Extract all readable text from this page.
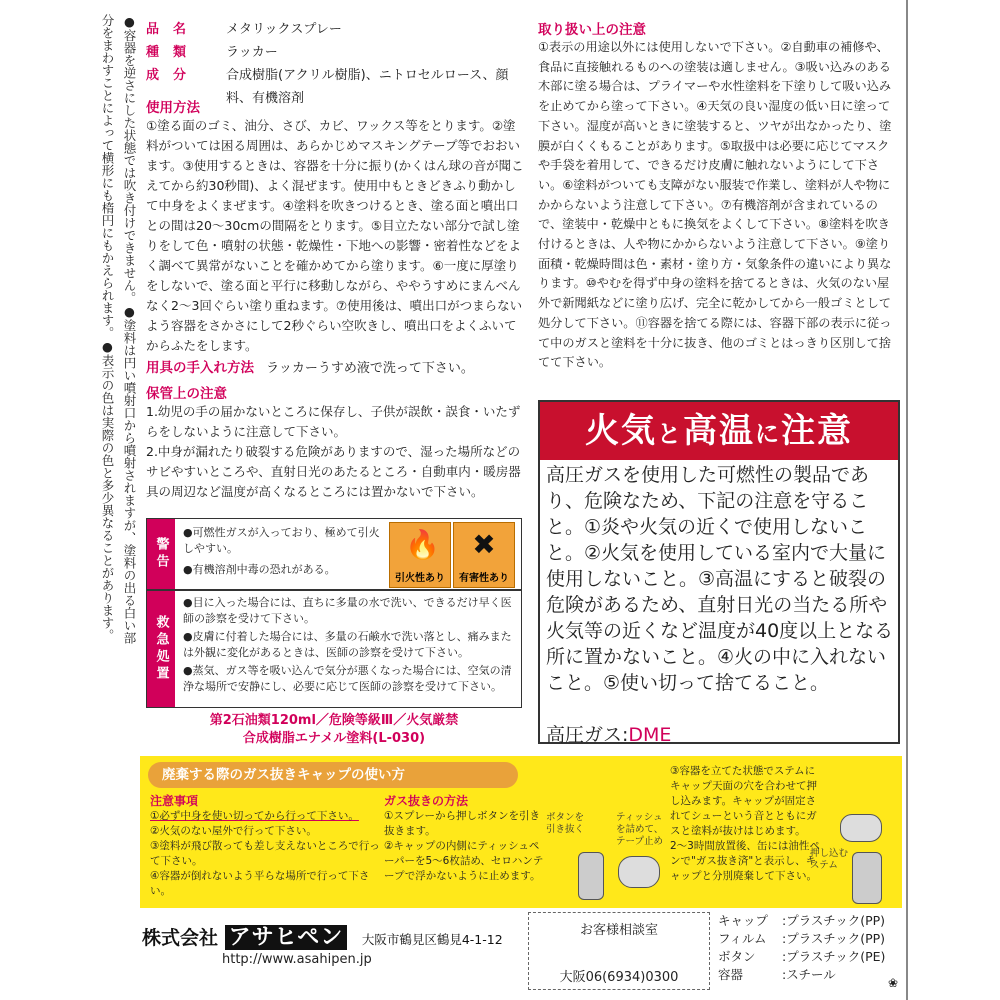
●容器を逆さにした状態では吹き付けできません。●塗料は円い噴射口から噴射されますが、塗料の出る白い部分をまわすことによって横形にも楕円にもかえられます。●表示の色は実際の色と多少異なることがあります。	品名	メタリックスプレー
種類	ラッカー
成分	合成樹脂(アクリル樹脂)、ニトロセルロース、顔料、有機溶剤
使用方法
①塗る面のゴミ、油分、さび、カビ、ワックス等をとります。②塗料がついては困る周囲は、あらかじめマスキングテープ等でおおいます。③使用するときは、容器を十分に振り(かくはん球の音が聞こえてから約30秒間)、よく混ぜます。使用中もときどきふり動かして中身をよくまぜます。④塗料を吹きつけるとき、塗る面と噴出口との間は20〜30cmの間隔をとります。⑤目立たない部分で試し塗りをして色・噴射の状態・乾燥性・下地への影響・密着性などをよく調べて異常がないことを確かめてから塗ります。⑥一度に厚塗りをしないで、塗る面と平行に移動しながら、ややうすめにまんべんなく2〜3回ぐらい塗り重ねます。⑦使用後は、噴出口がつまらないよう容器をさかさにして2秒ぐらい空吹きし、噴出口をよくふいてからふたをします。
用具の手入れ方法 ラッカーうすめ液で洗って下さい。
保管上の注意
1.幼児の手の届かないところに保存し、子供が誤飲・誤食・いたずらをしないように注意して下さい。
2.中身が漏れたり破裂する危険がありますので、湿った場所などのサビやすいところや、直射日光のあたるところ・自動車内・暖房器具の周辺など温度が高くなるところには置かないで下さい。
警告
●可燃性ガスが入っており、極めて引火しやすい。
●有機溶剤中毒の恐れがある。
🔥
引火性あり
✖
有害性あり
救急処置
●目に入った場合には、直ちに多量の水で洗い、できるだけ早く医師の診察を受けて下さい。
●皮膚に付着した場合には、多量の石鹸水で洗い落とし、痛みまたは外観に変化があるときは、医師の診察を受けて下さい。
●蒸気、ガス等を吸い込んで気分が悪くなった場合には、空気の清浄な場所で安静にし、必要に応じて医師の診察を受けて下さい。
第2石油類120ml／危険等級Ⅲ／火気厳禁
合成樹脂エナメル塗料(L-030)
取り扱い上の注意
①表示の用途以外には使用しないで下さい。②自動車の補修や、食品に直接触れるものへの塗装は適しません。③吸い込みのある木部に塗る場合は、プライマーや水性塗料を下塗りして吸い込みを止めてから塗って下さい。④天気の良い湿度の低い日に塗って下さい。湿度が高いときに塗装すると、ツヤが出なかったり、塗膜が白くくもることがあります。⑤取扱中は必要に応じてマスクや手袋を着用して、できるだけ皮膚に触れないようにして下さい。⑥塗料がついても支障がない服装で作業し、塗料が人や物にかからないよう注意して下さい。⑦有機溶剤が含まれているので、塗装中・乾燥中ともに換気をよくして下さい。⑧塗料を吹き付けるときは、人や物にかからないよう注意して下さい。⑨塗り面積・乾燥時間は色・素材・塗り方・気象条件の違いにより異なります。⑩やむを得ず中身の塗料を捨てるときは、火気のない屋外で新聞紙などに塗り広げ、完全に乾かしてから一般ゴミとして処分して下さい。⑪容器を捨てる際には、容器下部の表示に従って中のガスと塗料を十分に抜き、他のゴミとはっきり区別して捨てて下さい。
火気と高温に注意
高圧ガスを使用した可燃性の製品であり、危険なため、下記の注意を守ること。①炎や火気の近くで使用しないこと。②火気を使用している室内で大量に使用しないこと。③高温にすると破裂の危険があるため、直射日光の当たる所や火気等の近くなど温度が40度以上となる所に置かないこと。④火の中に入れないこと。⑤使い切って捨てること。
高圧ガス:DME
廃棄する際のガス抜きキャップの使い方
注意事項
①必ず中身を使い切ってから行って下さい。
②火気のない屋外で行って下さい。
③塗料が飛び散っても差し支えないところで行って下さい。
④容器が倒れないよう平らな場所で行って下さい。
ガス抜きの方法
①スプレーから押しボタンを引き抜きます。
②キャップの内側にティッシュペーパーを5〜6枚詰め、セロハンテープで浮かないように止めます。
ボタンを引き抜く
ティッシュを詰めて、テープ止め
③容器を立てた状態でステムにキャップ天面の穴を合わせて押し込みます。キャップが固定されてシューという音とともにガスと塗料が抜けはじめます。2〜3時間放置後、缶には油性ペンで"ガス抜き済"と表示し、キャップと分別廃棄して下さい。
押し込むステム
株式会社 アサヒペン 大阪市鶴見区鶴見4-1-12
http://www.asahipen.jp
お客様相談室
大阪06(6934)0300
キャップ	:プラスチック(PP)
フィルム	:プラスチック(PP)
ボタン	:プラスチック(PE)
容器	:スチール
❀
